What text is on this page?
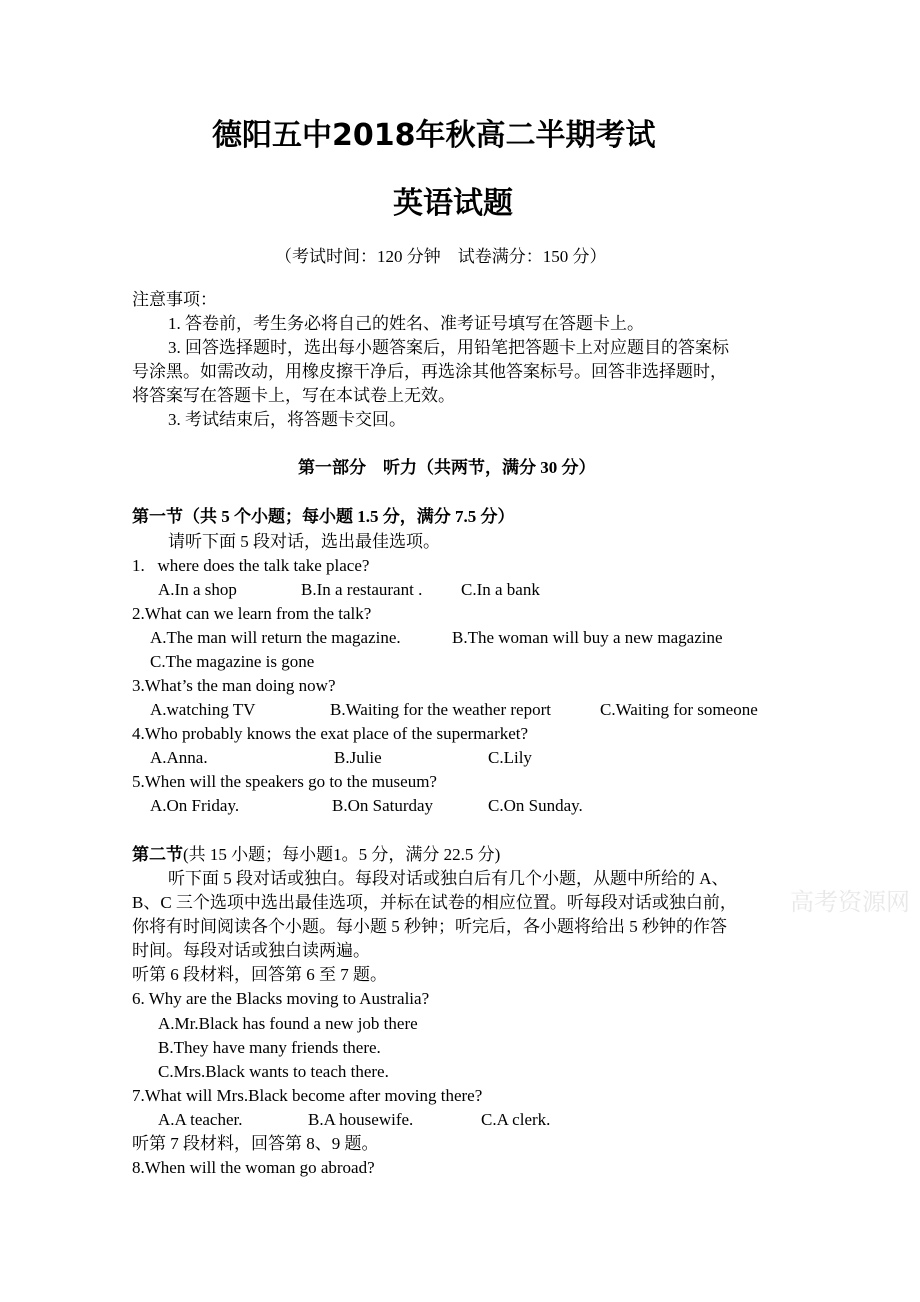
德阳五中2018年秋高二半期考试
英语试题
（考试时间：120 分钟    试卷满分：150 分）
注意事项：
1. 答卷前，考生务必将自己的姓名、准考证号填写在答题卡上。
3. 回答选择题时，选出每小题答案后，用铅笔把答题卡上对应题目的答案标
号涂黑。如需改动，用橡皮擦干净后，再选涂其他答案标号。回答非选择题时，
将答案写在答题卡上，写在本试卷上无效。
3. 考试结束后，将答题卡交回。
第一部分    听力（共两节，满分 30 分）
第一节（共 5 个小题；每小题 1.5 分，满分 7.5 分）
请听下面 5 段对话，选出最佳选项。
1.   where does the talk take place?
A.In a shop	B.In a restaurant . C.In a bank
2.What can we learn from the talk?
A.The man will return the magazine.	B.The woman will buy a new magazine
C.The magazine is gone
3.What’s the man doing now?
A.watching TV	B.Waiting for the weather report	C.Waiting for someone
4.Who probably knows the exat place of the supermarket?
A.Anna.	B.Julie	C.Lily
5.When will the speakers go to the museum?
A.On Friday.	B.On Saturday	C.On Sunday.
第二节(共 15 小题；每小题1。5 分，满分 22.5 分)
听下面 5 段对话或独白。每段对话或独白后有几个小题，从题中所给的 A、
B、C 三个选项中选出最佳选项，并标在试卷的相应位置。听每段对话或独白前，
你将有时间阅读各个小题。每小题 5 秒钟；听完后，各小题将给出 5 秒钟的作答
时间。每段对话或独白读两遍。
听第 6 段材料，回答第 6 至 7 题。
6. Why are the Blacks moving to Australia?
A.Mr.Black has found a new job there
B.They have many friends there.
C.Mrs.Black wants to teach there.
7.What will Mrs.Black become after moving there?
A.A teacher.	B.A housewife.	C.A clerk.
听第 7 段材料，回答第 8、9 题。
8.When will the woman go abroad?
高考资源网
